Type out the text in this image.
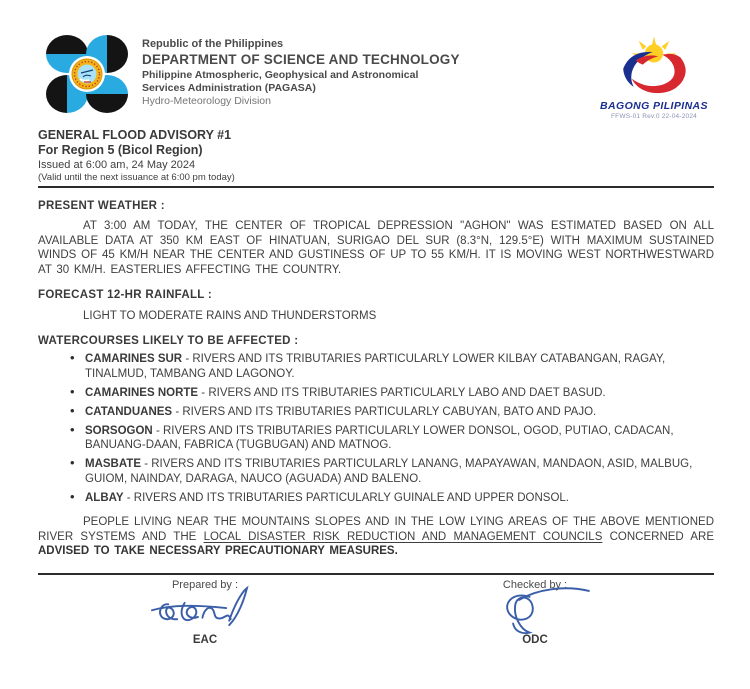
Republic of the Philippines
DEPARTMENT OF SCIENCE AND TECHNOLOGY
Philippine Atmospheric, Geophysical and Astronomical
Services Administration (PAGASA)
Hydro-Meteorology Division	BAGONG PILIPINAS
FFWS-01 Rev.0 22-04-2024
GENERAL FLOOD ADVISORY #1
For Region 5 (Bicol Region)
Issued at 6:00 am, 24 May 2024
(Valid until the next issuance at 6:00 pm today)
PRESENT WEATHER :

AT 3:00 AM TODAY, THE CENTER OF TROPICAL DEPRESSION "AGHON" WAS ESTIMATED BASED ON ALL AVAILABLE DATA AT 350 KM EAST OF HINATUAN, SURIGAO DEL SUR (8.3°N, 129.5°E) WITH MAXIMUM SUSTAINED WINDS OF 45 KM/H NEAR THE CENTER AND GUSTINESS OF UP TO 55 KM/H. IT IS MOVING WEST NORTHWESTWARD AT 30 KM/H. EASTERLIES AFFECTING THE COUNTRY.

FORECAST 12-HR RAINFALL :
LIGHT TO MODERATE RAINS AND THUNDERSTORMS
WATERCOURSES LIKELY TO BE AFFECTED :
• CAMARINES SUR - RIVERS AND ITS TRIBUTARIES PARTICULARLY LOWER KILBAY CATABANGAN, RAGAY, TINALMUD, TAMBANG AND LAGONOY.
• CAMARINES NORTE - RIVERS AND ITS TRIBUTARIES PARTICULARLY LABO AND DAET BASUD.
• CATANDUANES - RIVERS AND ITS TRIBUTARIES PARTICULARLY CABUYAN, BATO AND PAJO.
• SORSOGON - RIVERS AND ITS TRIBUTARIES PARTICULARLY LOWER DONSOL, OGOD, PUTIAO, CADACAN, BANUANG-DAAN, FABRICA (TUGBUGAN) AND MATNOG.
• MASBATE - RIVERS AND ITS TRIBUTARIES PARTICULARLY LANANG, MAPAYAWAN, MANDAON, ASID, MALBUG, GUIOM, NAINDAY, DARAGA, NAUCO (AGUADA) AND BALENO.
• ALBAY - RIVERS AND ITS TRIBUTARIES PARTICULARLY GUINALE AND UPPER DONSOL.

PEOPLE LIVING NEAR THE MOUNTAINS SLOPES AND IN THE LOW LYING AREAS OF THE ABOVE MENTIONED RIVER SYSTEMS AND THE LOCAL DISASTER RISK REDUCTION AND MANAGEMENT COUNCILS CONCERNED ARE ADVISED TO TAKE NECESSARY PRECAUTIONARY MEASURES.

Prepared by :
EAC
Checked by :
ODC
